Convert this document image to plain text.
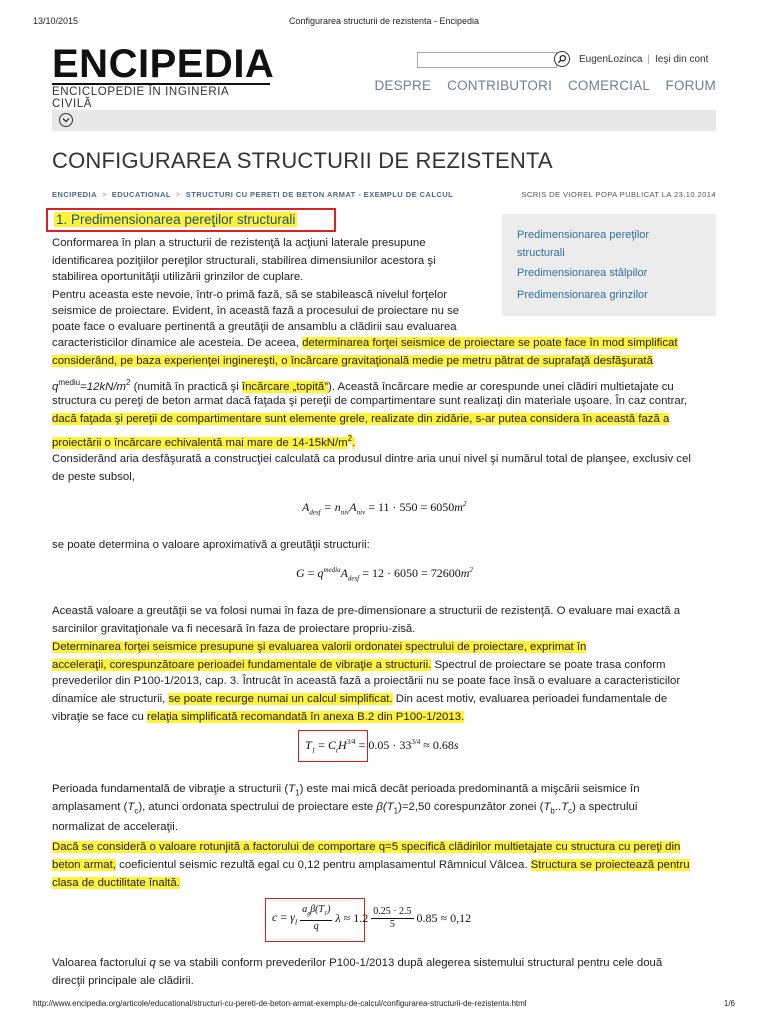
13/10/2015	Configurarea structurii de rezistenta - Encipedia
ENCIPEDIA
ENCICLOPEDIE ÎN INGINERIA CIVILĂ
EugenLozinca | Ieşi din cont
DESPRE CONTRIBUTORI COMERCIAL FORUM
CONFIGURAREA STRUCTURII DE REZISTENTA
ENCIPEDIA > EDUCATIONAL > STRUCTURI CU PERETI DE BETON ARMAT - EXEMPLU DE CALCUL	SCRIS DE VIOREL POPA PUBLICAT LA 23.10.2014
1. Predimensionarea pereţilor structurali
Predimensionarea pereţilor
structurali
Predimensionarea stâlpilor
Predimensionarea grinzilor
Conformarea în plan a structurii de rezistenţă la acţiuni laterale presupune
identificarea poziţiilor pereţilor structurali, stabilirea dimensiunilor acestora şi
stabilirea oportunităţii utilizării grinzilor de cuplare.
Pentru aceasta este nevoie, într-o primă fază, să se stabilească nivelul forţelor
seismice de proiectare. Evident, în această fază a procesului de proiectare nu se
poate face o evaluare pertinentă a greutăţii de ansamblu a clădirii sau evaluarea
caracteristicilor dinamice ale acesteia. De aceea, determinarea forţei seismice de proiectare se poate face în mod simplificat
considerând, pe baza experienţei inginereşti, o încărcare gravitaţională medie pe metru pătrat de suprafaţă desfăşurată
$q^{mediu}=12kN/m^2$ (numită în practică şi încărcare „topită”). Această încărcare medie ar corespunde unei clădiri multietajate cu
structura cu pereţi de beton armat dacă faţada şi pereţii de compartimentare sunt realizaţi din materiale uşoare. În caz contrar,
dacă faţada şi pereţii de compartimentare sunt elemente grele, realizate din zidărie, s-ar putea considera în această fază a
proiectării o încărcare echivalentă mai mare de $14-15kN/m^2$.
Considerând aria desfăşurată a construcţiei calculată ca produsul dintre aria unui nivel şi numărul total de planşee, exclusiv cel
de peste subsol,
$A_{desf} = n_{niv}A_{niv} = 11 \cdot 550 = 6050m^2$
se poate determina o valoare aproximativă a greutăţii structurii:
$G = q^{mediu}A_{desf} = 12 \cdot 6050 = 72600m^2$
Această valoare a greutăţii se va folosi numai în faza de pre-dimensionare a structurii de rezistenţă. O evaluare mai exactă a
sarcinilor gravitaţionale va fi necesară în faza de proiectare propriu-zisă.
Determinarea forţei seismice presupune şi evaluarea valorii ordonatei spectrului de proiectare, exprimat în
acceleraţii, corespunzătoare perioadei fundamentale de vibraţie a structurii. Spectrul de proiectare se poate trasa conform
prevederilor din P100-1/2013, cap. 3. Întrucât în această fază a proiectării nu se poate face însă o evaluare a caracteristicilor
dinamice ale structurii, se poate recurge numai un calcul simplificat. Din acest motiv, evaluarea perioadei fundamentale de
vibraţie se face cu relaţia simplificată recomandată în anexa B.2 din P100-1/2013.
$T_1 = C_tH^{3/4} = 0.05 \cdot 33^{3/4} \approx 0.68s$
Perioada fundamentală de vibraţie a structurii $(T_1)$ este mai mică decât perioada predominantă a mişcării seismice în
amplasament $(T_c)$, atunci ordonata spectrului de proiectare este $\beta(T_1)=2,50$ corespunzător zonei $(T_b..T_c)$ a spectrului
normalizat de acceleraţii.
Dacă se consideră o valoare rotunjită a factorului de comportare q=5 specifică clădirilor multietajate cu structura cu pereţi din
beton armat, coeficientul seismic rezultă egal cu 0,12 pentru amplasamentul Râmnicul Vâlcea. Structura se proiectează pentru
clasa de ductilitate înaltă.
$c = \gamma_I \frac{a_g\beta(T_1)}{q}$ $\lambda \approx 1.2 \frac{0.25 \cdot 2.5}{5} 0.85 \approx 0,12$
Valoarea factorului q se va stabili conform prevederilor P100-1/2013 după alegerea sistemului structural pentru cele două
direcţii principale ale clădirii.
http://www.encipedia.org/articole/educational/structuri-cu-pereti-de-beton-armat-exemplu-de-calcul/configurarea-structurii-de-rezistenta.html	1/6
